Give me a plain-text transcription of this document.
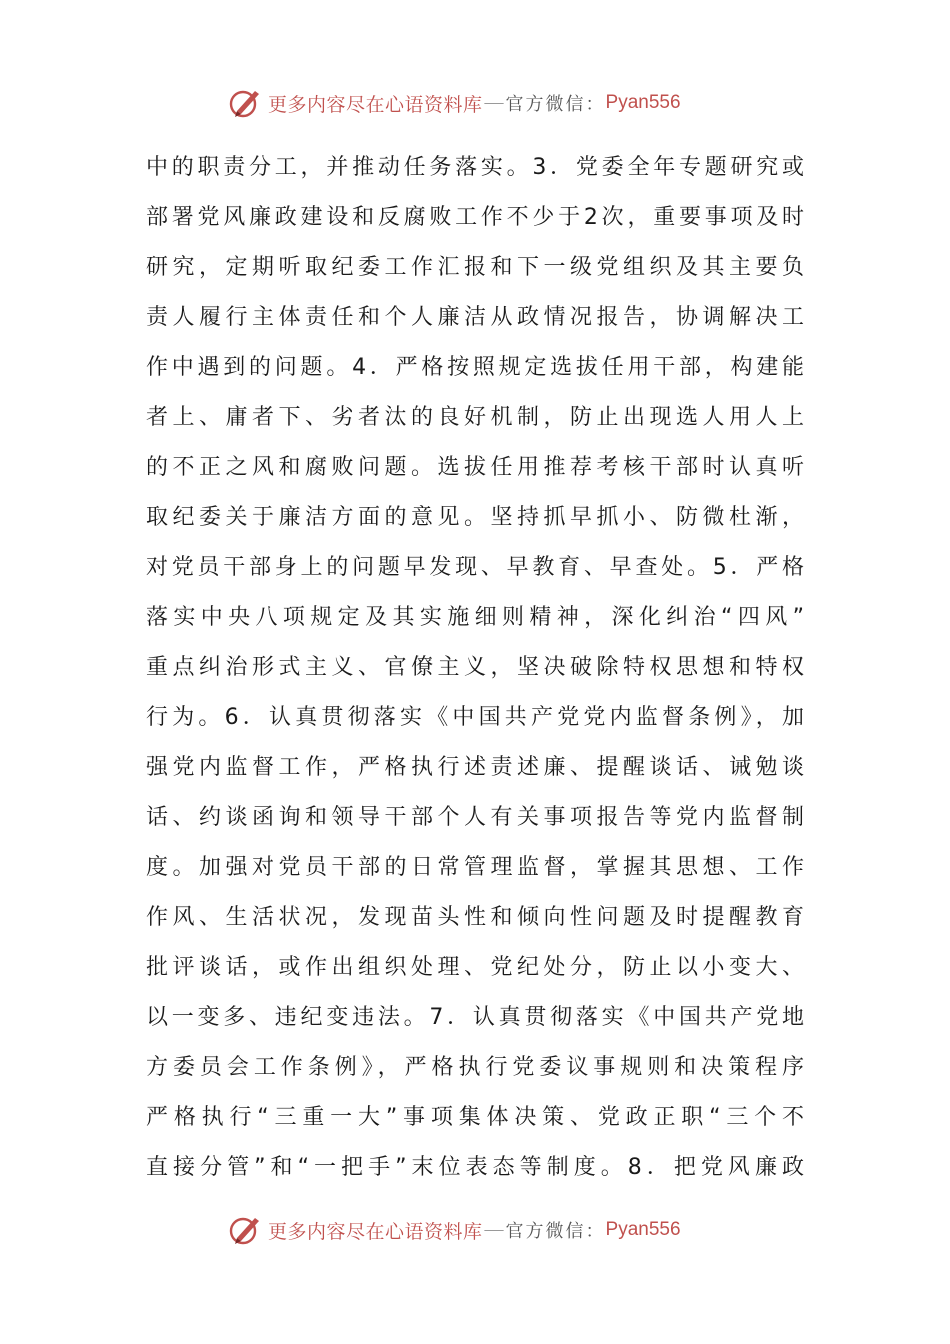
更多内容尽在心语资料库 — 官方微信： Pyan556
中的职责分工，并推动任务落实。3．党委全年专题研究或
部署党风廉政建设和反腐败工作不少于2次，重要事项及时
研究，定期听取纪委工作汇报和下一级党组织及其主要负
责人履行主体责任和个人廉洁从政情况报告，协调解决工
作中遇到的问题。4．严格按照规定选拔任用干部，构建能
者上、庸者下、劣者汰的良好机制，防止出现选人用人上
的不正之风和腐败问题。选拔任用推荐考核干部时认真听
取纪委关于廉洁方面的意见。坚持抓早抓小、防微杜渐，
对党员干部身上的问题早发现、早教育、早查处。5．严格
落实中央八项规定及其实施细则精神，深化纠治“四风”
重点纠治形式主义、官僚主义，坚决破除特权思想和特权
行为。6．认真贯彻落实《中国共产党党内监督条例》，加
强党内监督工作，严格执行述责述廉、提醒谈话、诫勉谈
话、约谈函询和领导干部个人有关事项报告等党内监督制
度。加强对党员干部的日常管理监督，掌握其思想、工作
作风、生活状况，发现苗头性和倾向性问题及时提醒教育
批评谈话，或作出组织处理、党纪处分，防止以小变大、
以一变多、违纪变违法。7．认真贯彻落实《中国共产党地
方委员会工作条例》，严格执行党委议事规则和决策程序
严格执行“三重一大”事项集体决策、党政正职“三个不
直接分管”和“一把手”末位表态等制度。8．把党风廉政
更多内容尽在心语资料库 — 官方微信： Pyan556
